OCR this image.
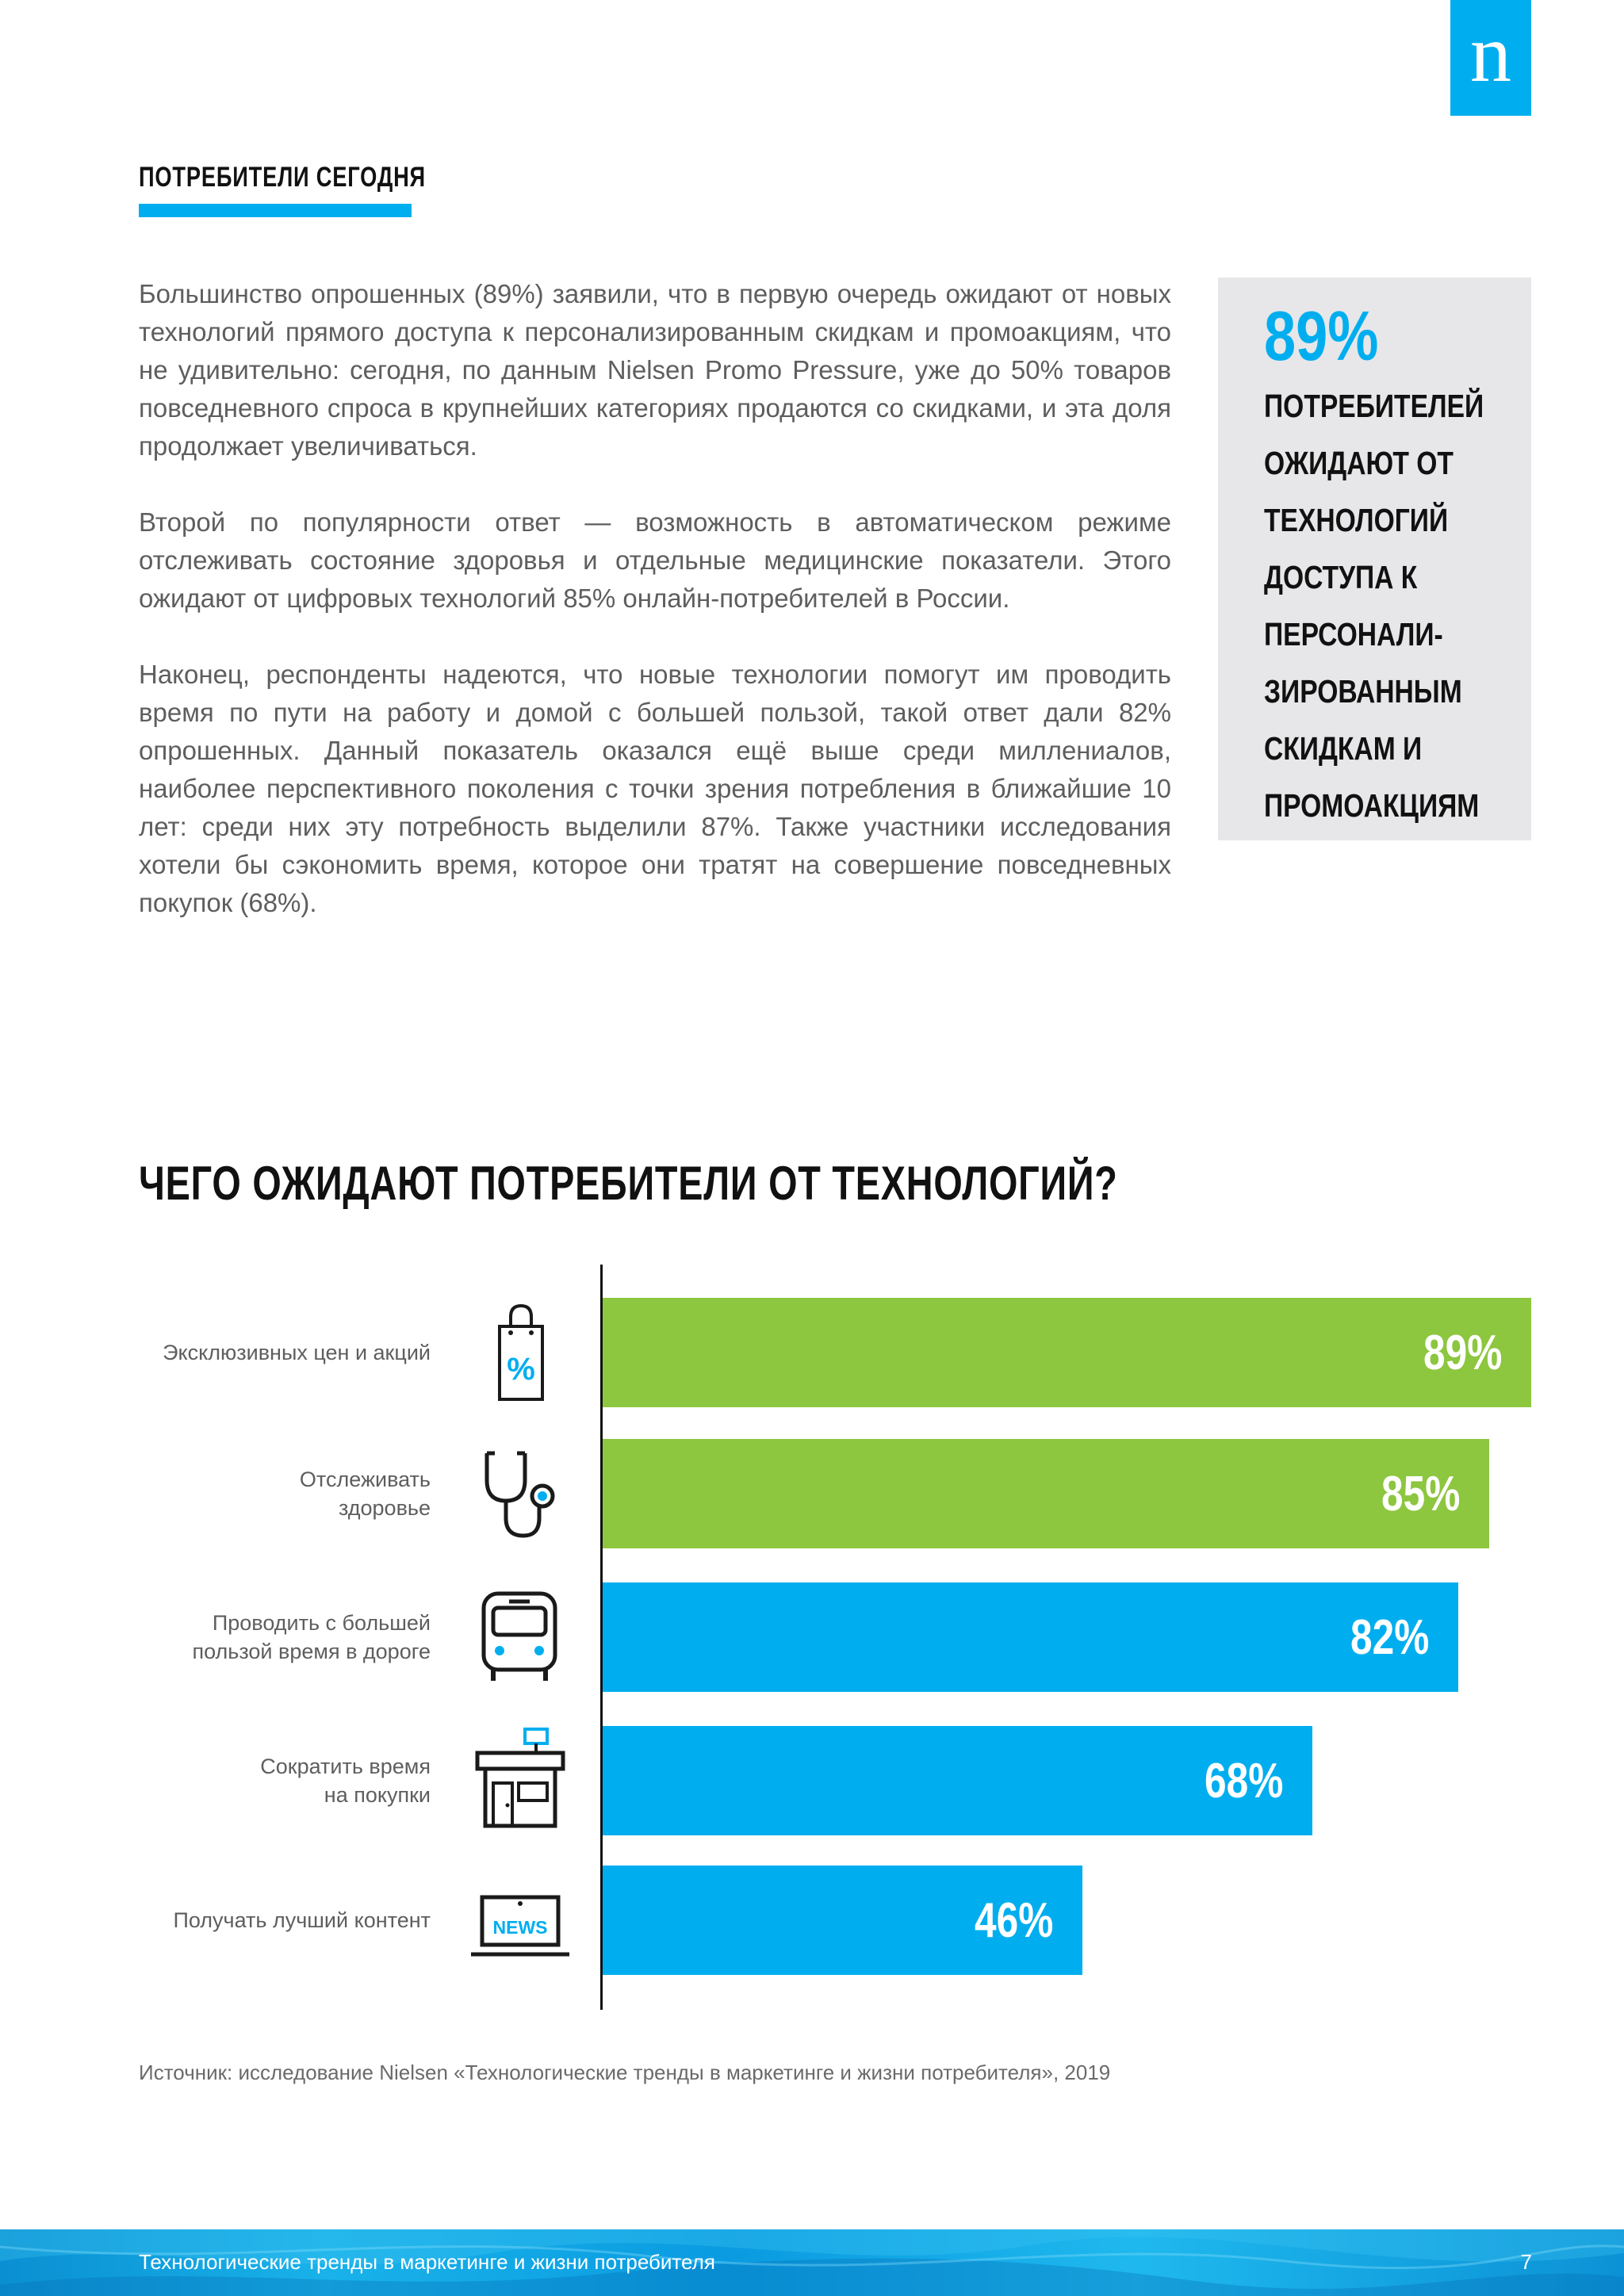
n
ПОТРЕБИТЕЛИ СЕГОДНЯ

Большинство опрошенных (89%) заявили, что в первую очередь ожидают от новых технологий прямого доступа к персонализированным скидкам и промоакциям, что не удивительно: сегодня, по данным Nielsen Promo Pressure, уже до 50% товаров повседневного спроса в крупнейших категориях продаются со скидками, и эта доля продолжает увеличиваться.

Второй по популярности ответ — возможность в автоматическом режиме отслеживать состояние здоровья и отдельные медицинские показатели. Этого ожидают от цифровых технологий 85% онлайн-потребителей в России.

Наконец, респонденты надеются, что новые технологии помогут им проводить время по пути на работу и домой с большей пользой, такой ответ дали 82% опрошенных. Данный показатель оказался ещё выше среди миллениалов, наиболее перспективного поколения с точки зрения потребления в ближайшие 10 лет: среди них эту потребность выделили 87%. Также участники исследования хотели бы сэкономить время, которое они тратят на совершение повседневных покупок (68%).

89%
ПОТРЕБИТЕЛЕЙ
ОЖИДАЮТ ОТ
ТЕХНОЛОГИЙ
ДОСТУПА К
ПЕРСОНАЛИ-
ЗИРОВАННЫМ
СКИДКАМ И
ПРОМОАКЦИЯМ
ЧЕГО ОЖИДАЮТ ПОТРЕБИТЕЛИ ОТ ТЕХНОЛОГИЙ?
Эксклюзивных цен и акций %	89%
Отслеживать
здоровье	85%
Проводить с большей
пользой время в дороге	82%
Сократить время
на покупки	68%
Получать лучший контент	NEWS	46%
Источник: исследование Nielsen «Технологические тренды в маркетинге и жизни потребителя», 2019
Технологические тренды в маркетинге и жизни потребителя	7
